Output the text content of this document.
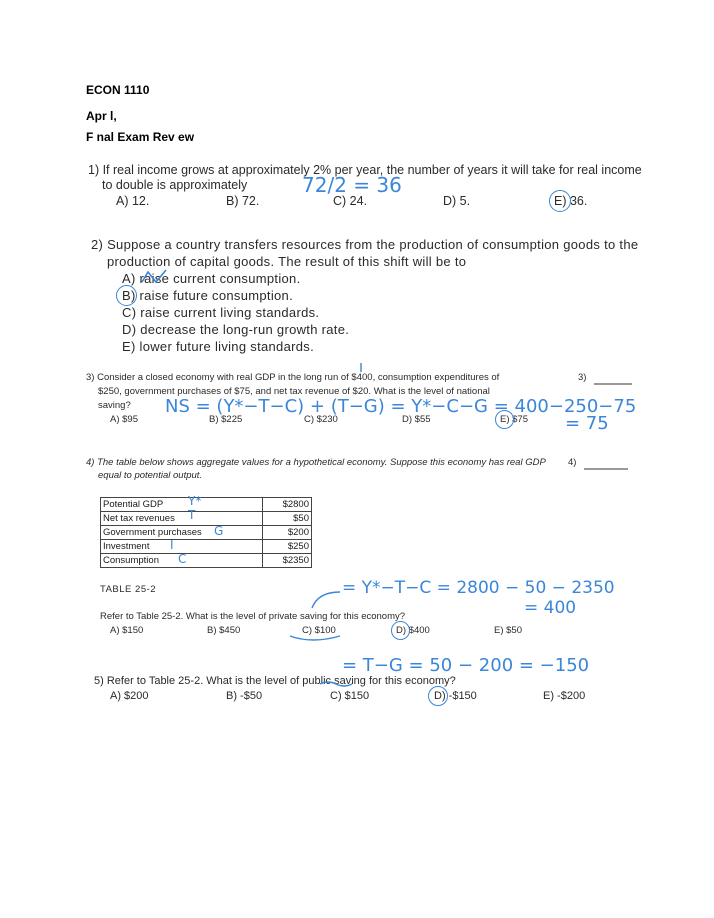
ECON 1110
Apr l,
F nal Exam Rev ew
1) If real income grows at approximately 2% per year, the number of years it will take for real income
to double is approximately
A) 12.	B) 72.	C) 24.	D) 5.	E) 36.
72/2 = 36
2) Suppose a country transfers resources from the production of consumption goods to the
production of capital goods. The result of this shift will be to
A) raise current consumption.
B) raise future consumption.
C) raise current living standards.
D) decrease the long-run growth rate.
E) lower future living standards.
3) Consider a closed economy with real GDP in the long run of $400, consumption expenditures of
$250, government purchases of $75, and net tax revenue of $20. What is the level of national
saving?
3)
A) $95	B) $225	C) $230	D) $55	E) $75
NS = (Y*−T−C) + (T−G) = Y*−C−G = 400−250−75
= 75
4) The table below shows aggregate values for a hypothetical economy. Suppose this economy has real GDP
equal to potential output.
4)
Potential GDP	$2800
Net tax revenues	$50
Government purchases	$200
Investment	$250
Consumption	$2350
Y*
T
G
I
C
TABLE 25-2
Refer to Table 25-2. What is the level of private saving for this economy?
A) $150	B) $450	C) $100	D) $400	E) $50
= Y*−T−C = 2800 − 50 − 2350
= 400
5) Refer to Table 25-2. What is the level of public saving for this economy?
A) $200	B) -$50	C) $150	D) -$150	E) -$200
= T−G = 50 − 200 = −150
